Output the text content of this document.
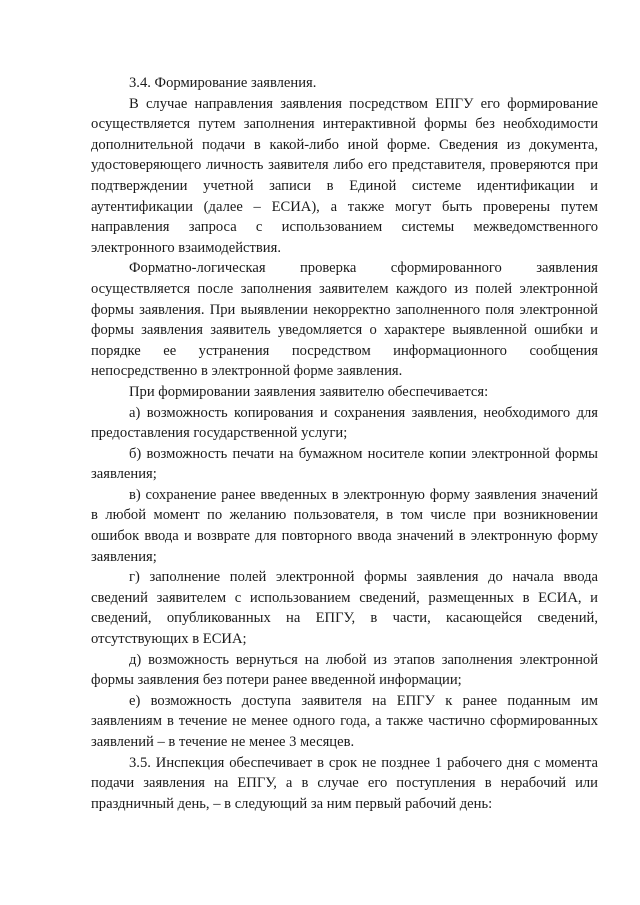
3.4. Формирование заявления.

В случае направления заявления посредством ЕПГУ его формирование осуществляется путем заполнения интерактивной формы без необходимости дополнительной подачи в какой-либо иной форме. Сведения из документа, удостоверяющего личность заявителя либо его представителя, проверяются при подтверждении учетной записи в Единой системе идентификации и аутентификации (далее – ЕСИА), а также могут быть проверены путем направления запроса с использованием системы межведомственного электронного взаимодействия.

Форматно-логическая проверка сформированного заявления осуществляется после заполнения заявителем каждого из полей электронной формы заявления. При выявлении некорректно заполненного поля электронной формы заявления заявитель уведомляется о характере выявленной ошибки и порядке ее устранения посредством информационного сообщения непосредственно в электронной форме заявления.

При формировании заявления заявителю обеспечивается:

а) возможность копирования и сохранения заявления, необходимого для предоставления государственной услуги;

б) возможность печати на бумажном носителе копии электронной формы заявления;

в) сохранение ранее введенных в электронную форму заявления значений в любой момент по желанию пользователя, в том числе при возникновении ошибок ввода и возврате для повторного ввода значений в электронную форму заявления;

г) заполнение полей электронной формы заявления до начала ввода сведений заявителем с использованием сведений, размещенных в ЕСИА, и сведений, опубликованных на ЕПГУ, в части, касающейся сведений, отсутствующих в ЕСИА;

д) возможность вернуться на любой из этапов заполнения электронной формы заявления без потери ранее введенной информации;

е) возможность доступа заявителя на ЕПГУ к ранее поданным им заявлениям в течение не менее одного года, а также частично сформированных заявлений – в течение не менее 3 месяцев.

3.5. Инспекция обеспечивает в срок не позднее 1 рабочего дня с момента подачи заявления на ЕПГУ, а в случае его поступления в нерабочий или праздничный день, – в следующий за ним первый рабочий день:
